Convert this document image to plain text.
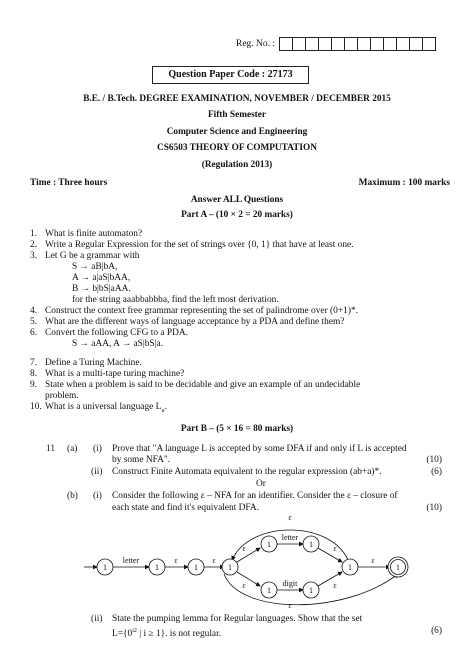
Reg. No. :
Question Paper Code : 27173
B.E. / B.Tech. DEGREE EXAMINATION, NOVEMBER / DECEMBER 2015
Fifth Semester
Computer Science and Engineering
CS6503 THEORY OF COMPUTATION
(Regulation 2013)
Time : Three hours	Maximum : 100 marks
Answer ALL Questions
Part A – (10 × 2 = 20 marks)
1. What is finite automaton?
2. Write a Regular Expression for the set of strings over {0, 1} that have at least one.
3. Let G be a grammar with
S → aB|bA,
A → a|aS|bAA,
B → b|bS|aAA.
for the string aaabbabbba, find the left most derivation.
4. Construct the context free grammar representing the set of palindrome over (0+1)*.
5. What are the different ways of language acceptance by a PDA and define them?
6. Convert the following CFG to a PDA.
S → aAA, A → aS|bS|a.
7. Define a Turing Machine.
8. What is a multi-tape turing machine?
9. State when a problem is said to be decidable and give an example of an undecidable
problem.
10. What is a universal language $L_u$.
Part B – (5 × 16 = 80 marks)
11 (a) (i) Prove that "A language L is accepted by some DFA if and only if L is accepted
by some NFA".	(10)
(ii) Construct Finite Automata equivalent to the regular expression (ab+a)*.	(6)
Or
(b) (i) Consider the following ε – NFA for an identifier. Consider the ε – closure of
each state and find it's equivalent DFA.	(10)
1	1	1	1
1	1
1	1
1	1
letter
letter
digit
ε	ε
ε
ε
ε
ε
ε
ε
ε
(ii) State the pumping lemma for Regular languages. Show that the set
$L=\{0^{i2}$ | i ≥ 1}. is not regular.	(6)
